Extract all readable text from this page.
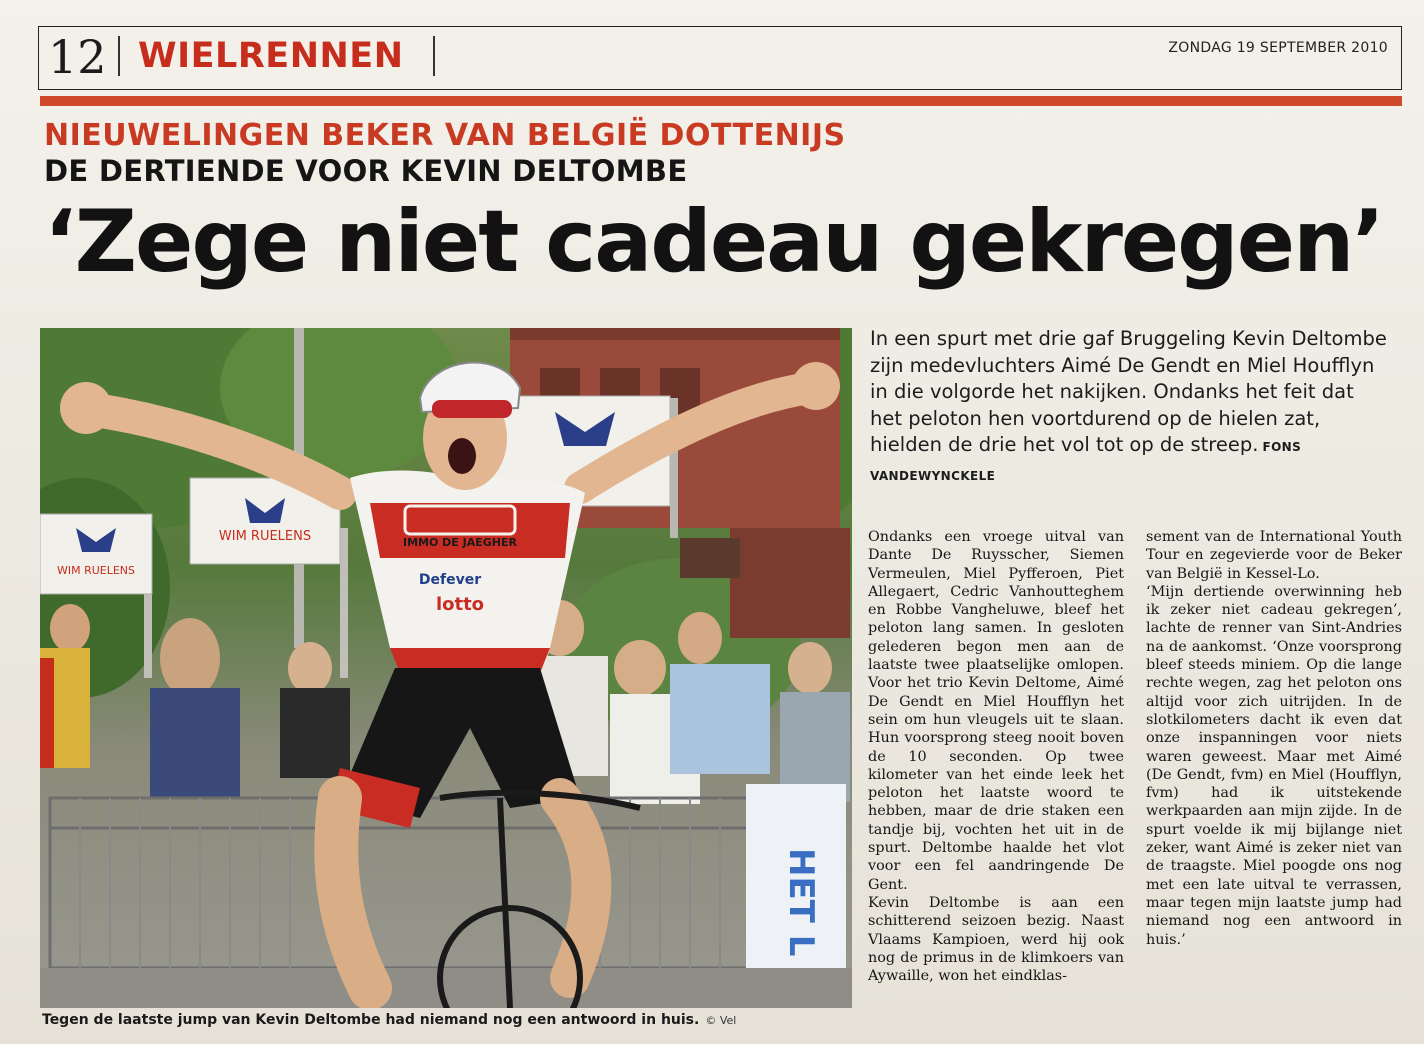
12 WIELRENNEN	ZONDAG 19 SEPTEMBER 2010

NIEUWELINGEN BEKER VAN BELGIË DOTTENIJS
DE DERTIENDE VOOR KEVIN DELTOMBE
‘Zege niet cadeau gekregen’
WIM RUELENS
WIM RUELENS
HET L
IMMO DE JAEGHER
MENEN
Defever
lotto
Tegen de laatste jump van Kevin Deltombe had niemand nog een antwoord in huis. © Vel
In een spurt met drie gaf Bruggeling Kevin Deltombe zijn medevluchters Aimé De Gendt en Miel Houfflyn in die volgorde het nakijken. Ondanks het feit dat het peloton hen voortdurend op de hielen zat, hielden de drie het vol tot op de streep. FONS VANDEWYNCKELE

Ondanks een vroege uitval van Dante De Ruysscher, Siemen Vermeulen, Miel Pyfferoen, Piet Allegaert, Cedric Vanhoutteghem en Robbe Vangheluwe, bleef het peloton lang samen. In gesloten gelederen begon men aan de laatste twee plaatselijke omlopen. Voor het trio Kevin Deltome, Aimé De Gendt en Miel Houfflyn het sein om hun vleugels uit te slaan. Hun voorsprong steeg nooit boven de 10 seconden. Op twee kilometer van het einde leek het peloton het laatste woord te hebben, maar de drie staken een tandje bij, vochten het uit in de spurt. Deltombe haalde het vlot voor een fel aandringende De Gent.

Kevin Deltombe is aan een schitterend seizoen bezig. Naast Vlaams Kampioen, werd hij ook nog de primus in de klimkoers van Aywaille, won het eindklas-

sement van de International Youth Tour en zegevierde voor de Beker van België in Kessel-Lo.

‘Mijn dertiende overwinning heb ik zeker niet cadeau gekregen’, lachte de renner van Sint-Andries na de aankomst. ‘Onze voorsprong bleef steeds miniem. Op die lange rechte wegen, zag het peloton ons altijd voor zich uitrijden. In de slotkilometers dacht ik even dat onze inspanningen voor niets waren geweest. Maar met Aimé (De Gendt, fvm) en Miel (Houfflyn, fvm) had ik uitstekende werkpaarden aan mijn zijde. In de spurt voelde ik mij bijlange niet zeker, want Aimé is zeker niet van de traagste. Miel poogde ons nog met een late uitval te verrassen, maar tegen mijn laatste jump had niemand nog een antwoord in huis.’
